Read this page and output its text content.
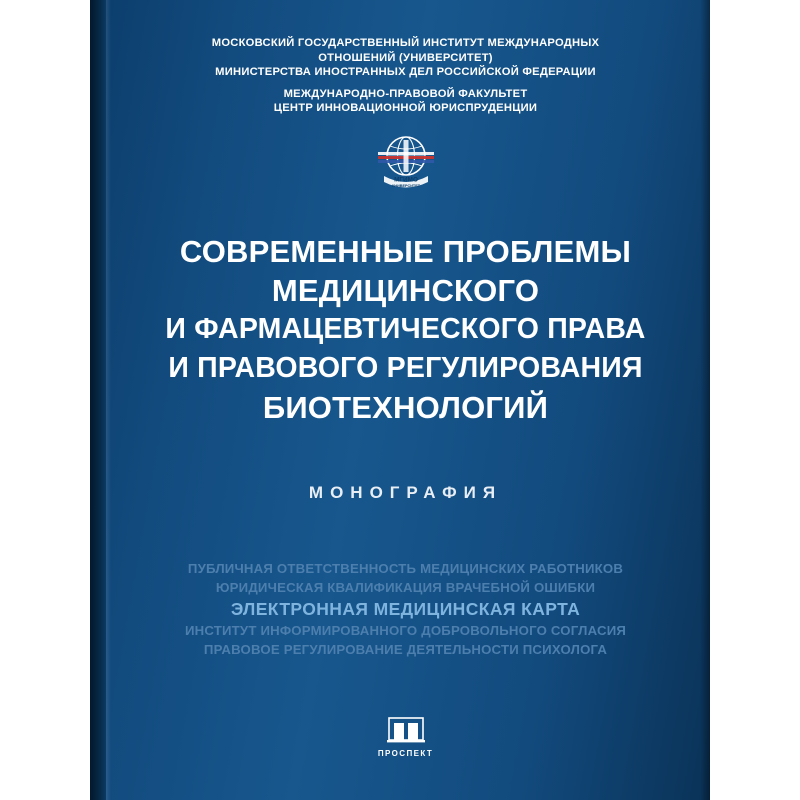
МОСКОВСКИЙ ГОСУДАРСТВЕННЫЙ ИНСТИТУТ МЕЖДУНАРОДНЫХ
ОТНОШЕНИЙ (УНИВЕРСИТЕТ)
МИНИСТЕРСТВА ИНОСТРАННЫХ ДЕЛ РОССИЙСКОЙ ФЕДЕРАЦИИ
МЕЖДУНАРОДНО-ПРАВОВОЙ ФАКУЛЬТЕТ
ЦЕНТР ИННОВАЦИОННОЙ ЮРИСПРУДЕНЦИИ
МГИМО
УНИВЕРСИТЕТ
СОВРЕМЕННЫЕ ПРОБЛЕМЫ
МЕДИЦИНСКОГО
И ФАРМАЦЕВТИЧЕСКОГО ПРАВА
И ПРАВОВОГО РЕГУЛИРОВАНИЯ
БИОТЕХНОЛОГИЙ
МОНОГРАФИЯ
ПУБЛИЧНАЯ ОТВЕТСТВЕННОСТЬ МЕДИЦИНСКИХ РАБОТНИКОВ
ЮРИДИЧЕСКАЯ КВАЛИФИКАЦИЯ ВРАЧЕБНОЙ ОШИБКИ
ЭЛЕКТРОННАЯ МЕДИЦИНСКАЯ КАРТА
ИНСТИТУТ ИНФОРМИРОВАННОГО ДОБРОВОЛЬНОГО СОГЛАСИЯ
ПРАВОВОЕ РЕГУЛИРОВАНИЕ ДЕЯТЕЛЬНОСТИ ПСИХОЛОГА
ПРОСПЕКТ
